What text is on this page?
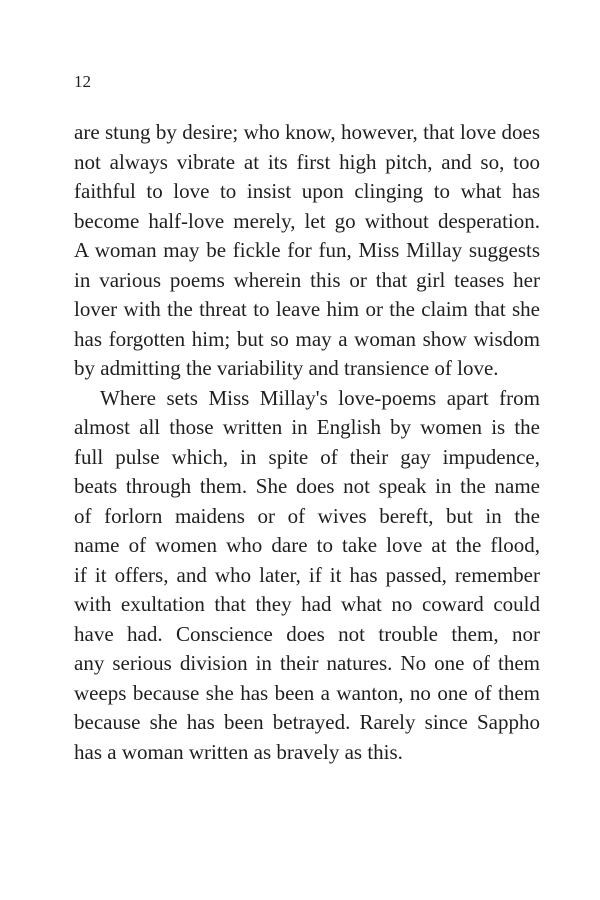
12
are stung by desire; who know, however, that love does
not always vibrate at its first high pitch, and so, too
faithful to love to insist upon clinging to what has
become half-love merely, let go without desperation.
A woman may be fickle for fun, Miss Millay suggests
in various poems wherein this or that girl teases her
lover with the threat to leave him or the claim that she
has forgotten him; but so may a woman show wisdom
by admitting the variability and transience of love.
Where sets Miss Millay's love-poems apart from
almost all those written in English by women is the
full pulse which, in spite of their gay impudence,
beats through them. She does not speak in the name
of forlorn maidens or of wives bereft, but in the
name of women who dare to take love at the flood,
if it offers, and who later, if it has passed, remember
with exultation that they had what no coward could
have had. Conscience does not trouble them, nor
any serious division in their natures. No one of them
weeps because she has been a wanton, no one of them
because she has been betrayed. Rarely since Sappho
has a woman written as bravely as this.
